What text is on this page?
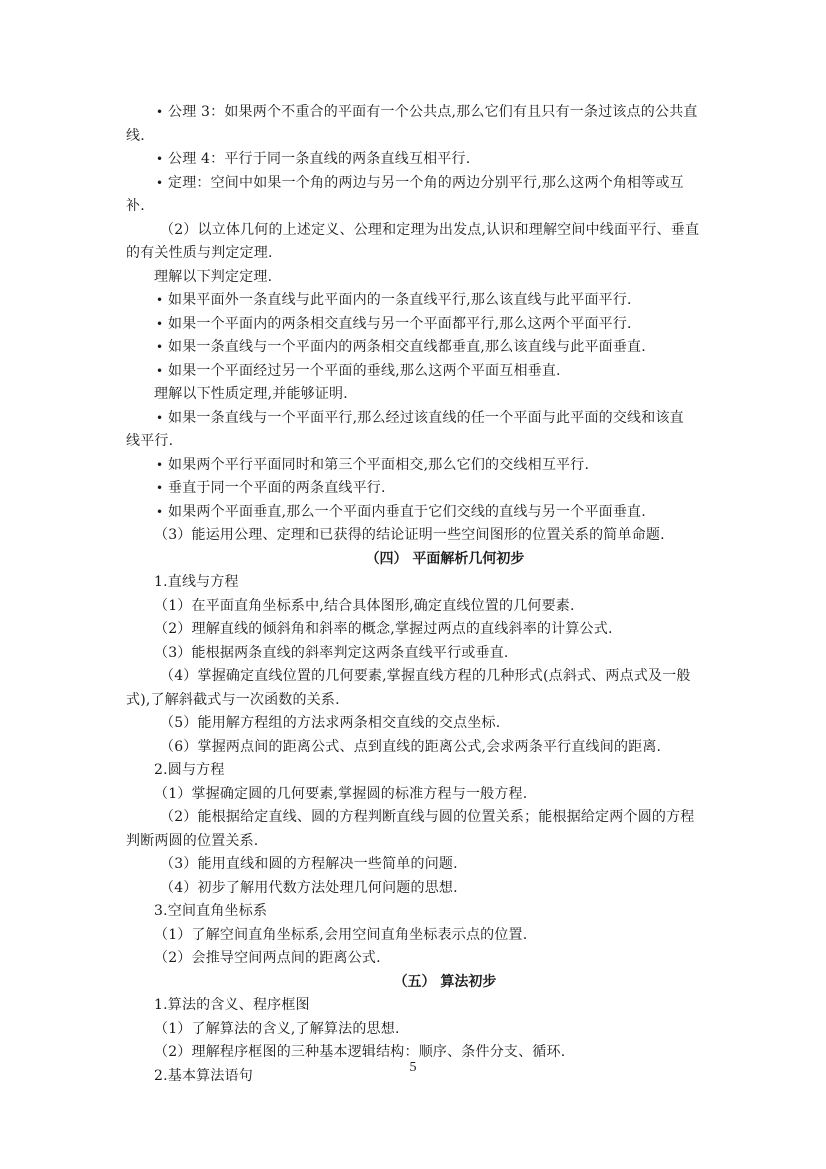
• 公理 3：如果两个不重合的平面有一个公共点,那么它们有且只有一条过该点的公共直
线.
• 公理 4：平行于同一条直线的两条直线互相平行.
• 定理：空间中如果一个角的两边与另一个角的两边分别平行,那么这两个角相等或互
补.
（2）以立体几何的上述定义、公理和定理为出发点,认识和理解空间中线面平行、垂直
的有关性质与判定定理.
理解以下判定定理.
• 如果平面外一条直线与此平面内的一条直线平行,那么该直线与此平面平行.
• 如果一个平面内的两条相交直线与另一个平面都平行,那么这两个平面平行.
• 如果一条直线与一个平面内的两条相交直线都垂直,那么该直线与此平面垂直.
• 如果一个平面经过另一个平面的垂线,那么这两个平面互相垂直.
理解以下性质定理,并能够证明.
• 如果一条直线与一个平面平行,那么经过该直线的任一个平面与此平面的交线和该直
线平行.
• 如果两个平行平面同时和第三个平面相交,那么它们的交线相互平行.
• 垂直于同一个平面的两条直线平行.
• 如果两个平面垂直,那么一个平面内垂直于它们交线的直线与另一个平面垂直.
（3）能运用公理、定理和已获得的结论证明一些空间图形的位置关系的简单命题.
（四） 平面解析几何初步
1.直线与方程
（1）在平面直角坐标系中,结合具体图形,确定直线位置的几何要素.
（2）理解直线的倾斜角和斜率的概念,掌握过两点的直线斜率的计算公式.
（3）能根据两条直线的斜率判定这两条直线平行或垂直.
（4）掌握确定直线位置的几何要素,掌握直线方程的几种形式(点斜式、两点式及一般
式),了解斜截式与一次函数的关系.
（5）能用解方程组的方法求两条相交直线的交点坐标.
（6）掌握两点间的距离公式、点到直线的距离公式,会求两条平行直线间的距离.
2.圆与方程
（1）掌握确定圆的几何要素,掌握圆的标准方程与一般方程.
（2）能根据给定直线、圆的方程判断直线与圆的位置关系；能根据给定两个圆的方程
判断两圆的位置关系.
（3）能用直线和圆的方程解决一些简单的问题.
（4）初步了解用代数方法处理几何问题的思想.
3.空间直角坐标系
（1）了解空间直角坐标系,会用空间直角坐标表示点的位置.
（2）会推导空间两点间的距离公式.
（五） 算法初步
1.算法的含义、程序框图
（1）了解算法的含义,了解算法的思想.
（2）理解程序框图的三种基本逻辑结构：顺序、条件分支、循环.
2.基本算法语句	5
